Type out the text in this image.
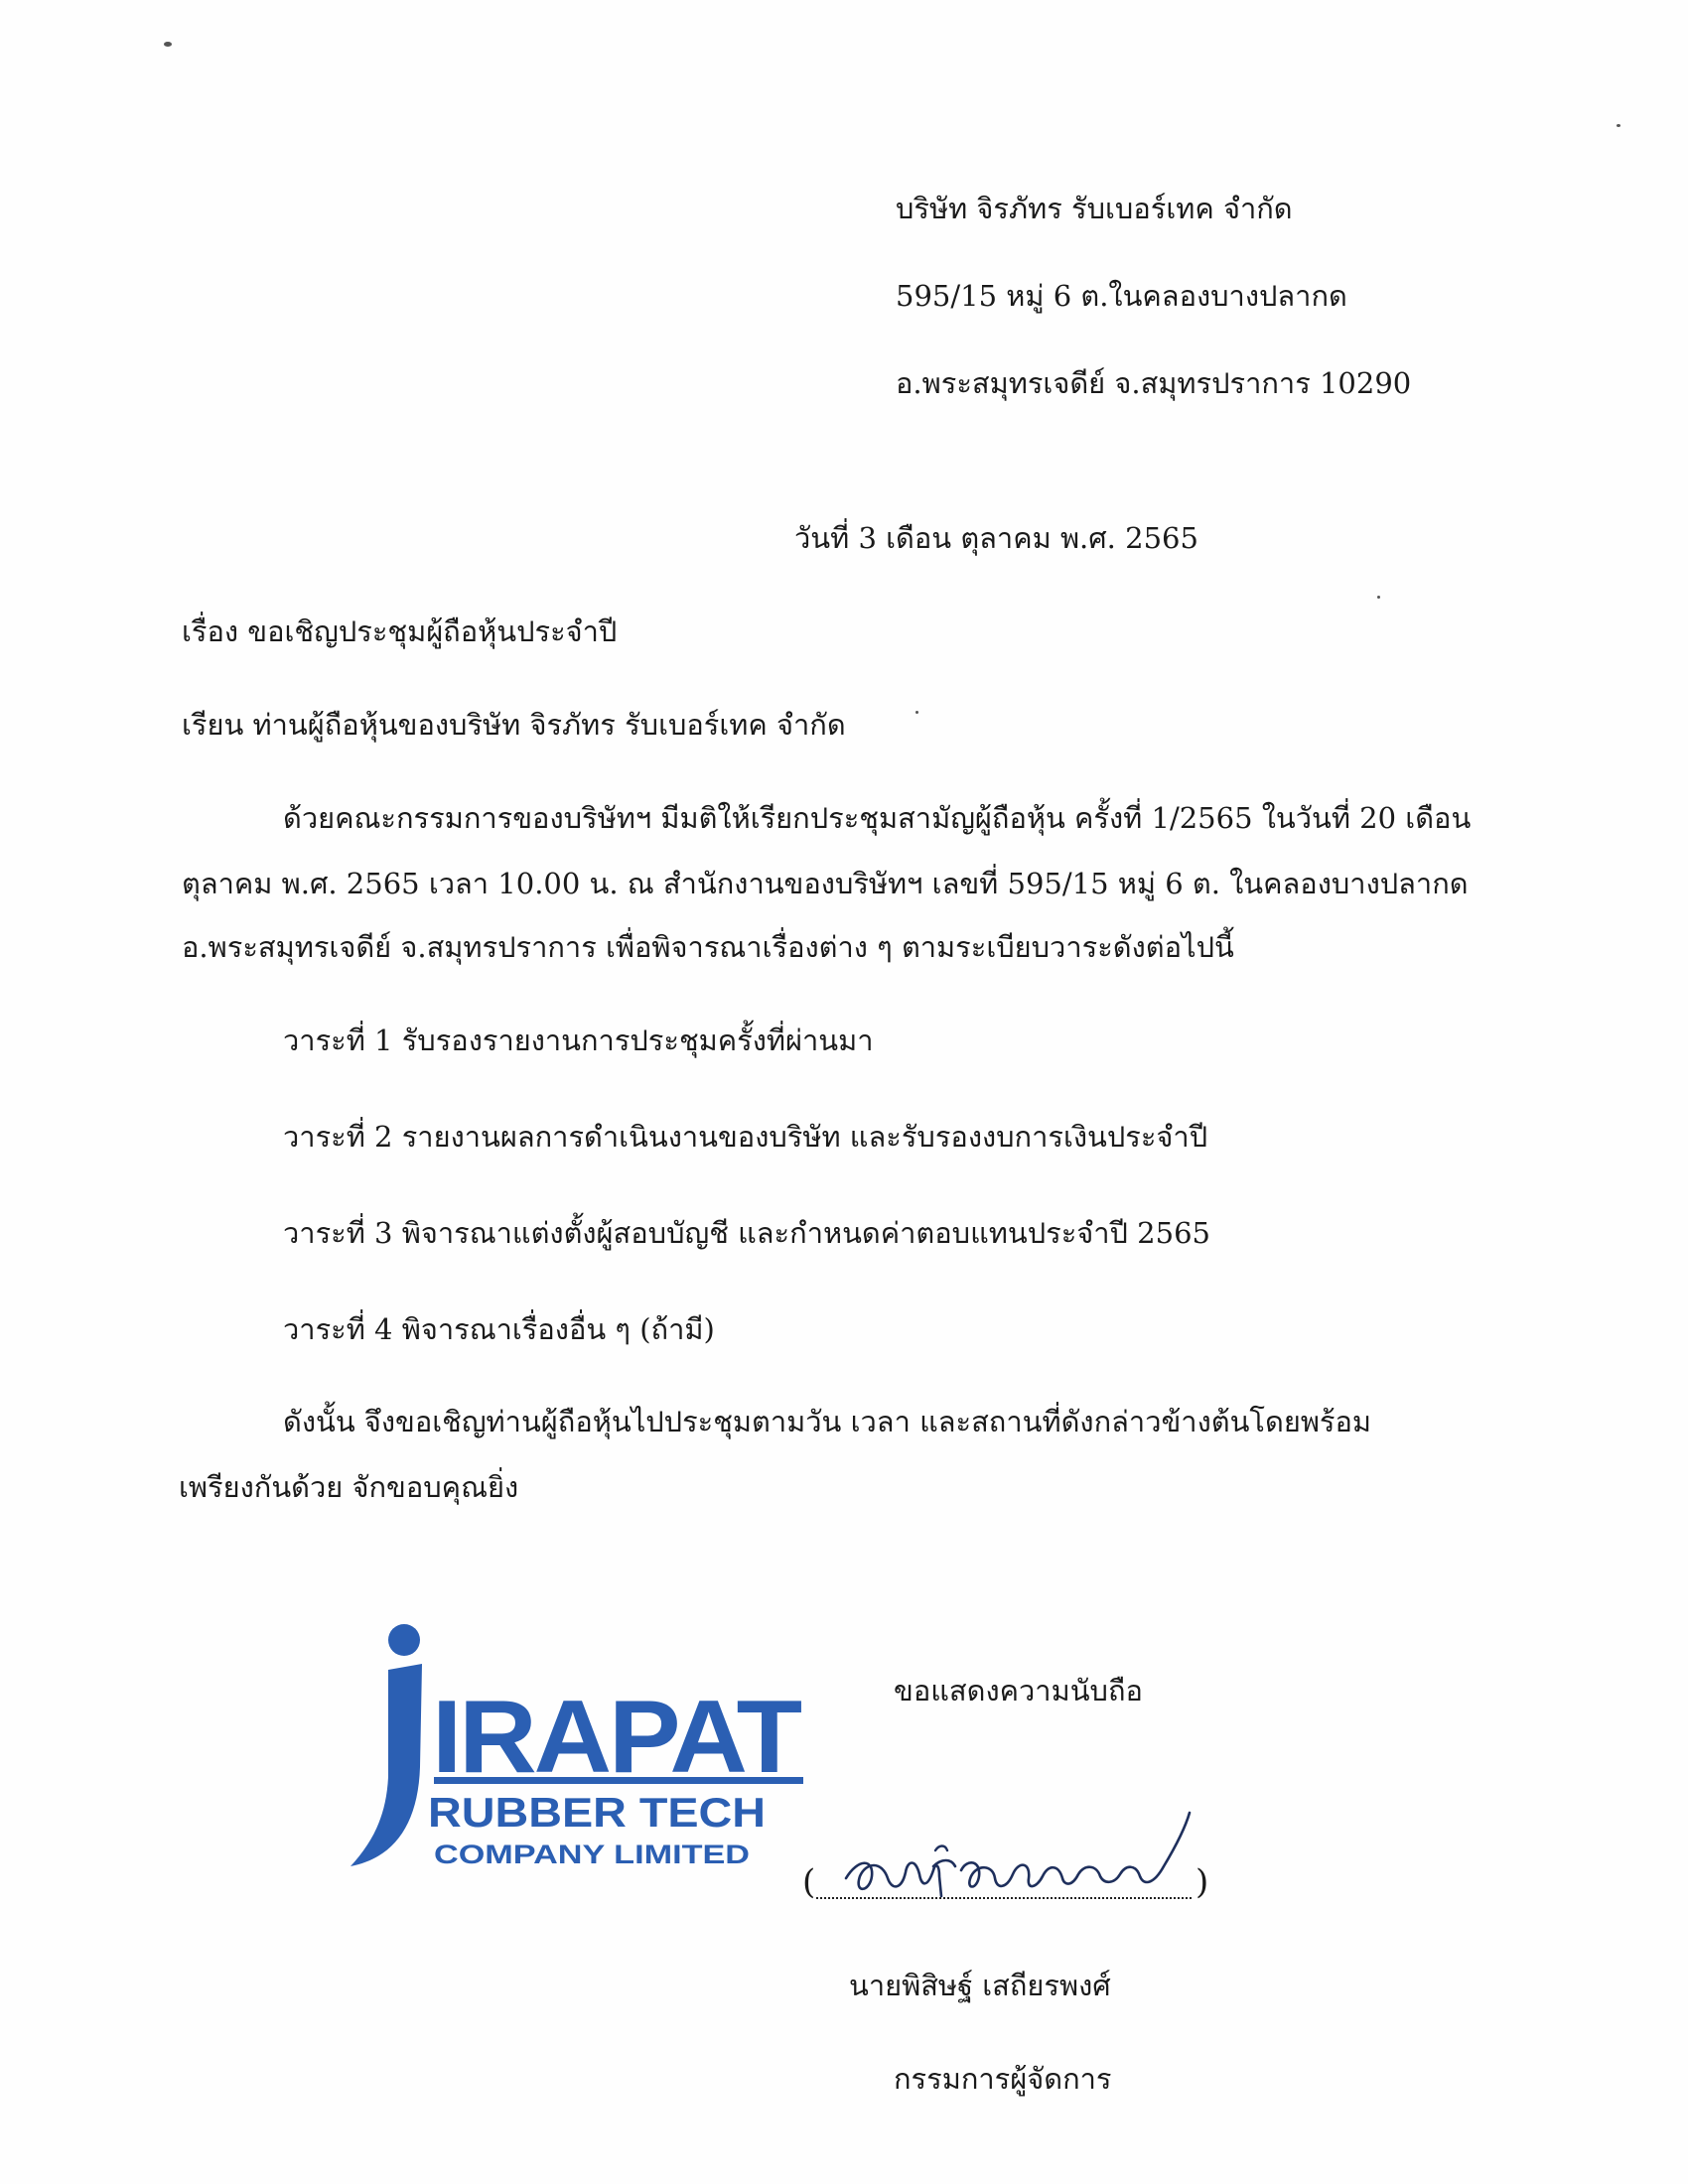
บริษัท จิรภัทร รับเบอร์เทค จำกัด
595/15 หมู่ 6 ต.ในคลองบางปลากด
อ.พระสมุทรเจดีย์ จ.สมุทรปราการ 10290
วันที่ 3 เดือน ตุลาคม พ.ศ. 2565
เรื่อง ขอเชิญประชุมผู้ถือหุ้นประจำปี
เรียน ท่านผู้ถือหุ้นของบริษัท จิรภัทร รับเบอร์เทค จำกัด
ด้วยคณะกรรมการของบริษัทฯ มีมติให้เรียกประชุมสามัญผู้ถือหุ้น ครั้งที่ 1/2565 ในวันที่ 20 เดือน
ตุลาคม พ.ศ. 2565 เวลา 10.00 น. ณ สำนักงานของบริษัทฯ เลขที่ 595/15 หมู่ 6 ต. ในคลองบางปลากด
อ.พระสมุทรเจดีย์ จ.สมุทรปราการ เพื่อพิจารณาเรื่องต่าง ๆ ตามระเบียบวาระดังต่อไปนี้
วาระที่ 1 รับรองรายงานการประชุมครั้งที่ผ่านมา
วาระที่ 2 รายงานผลการดำเนินงานของบริษัท และรับรองงบการเงินประจำปี
วาระที่ 3 พิจารณาแต่งตั้งผู้สอบบัญชี และกำหนดค่าตอบแทนประจำปี 2565
วาระที่ 4 พิจารณาเรื่องอื่น ๆ (ถ้ามี)
ดังนั้น จึงขอเชิญท่านผู้ถือหุ้นไปประชุมตามวัน เวลา และสถานที่ดังกล่าวข้างต้นโดยพร้อม
เพรียงกันด้วย จักขอบคุณยิ่ง
IRAPAT
RUBBER TECH
COMPANY LIMITED
ขอแสดงความนับถือ
(	)
นายพิสิษฐ์ เสถียรพงศ์
กรรมการผู้จัดการ
